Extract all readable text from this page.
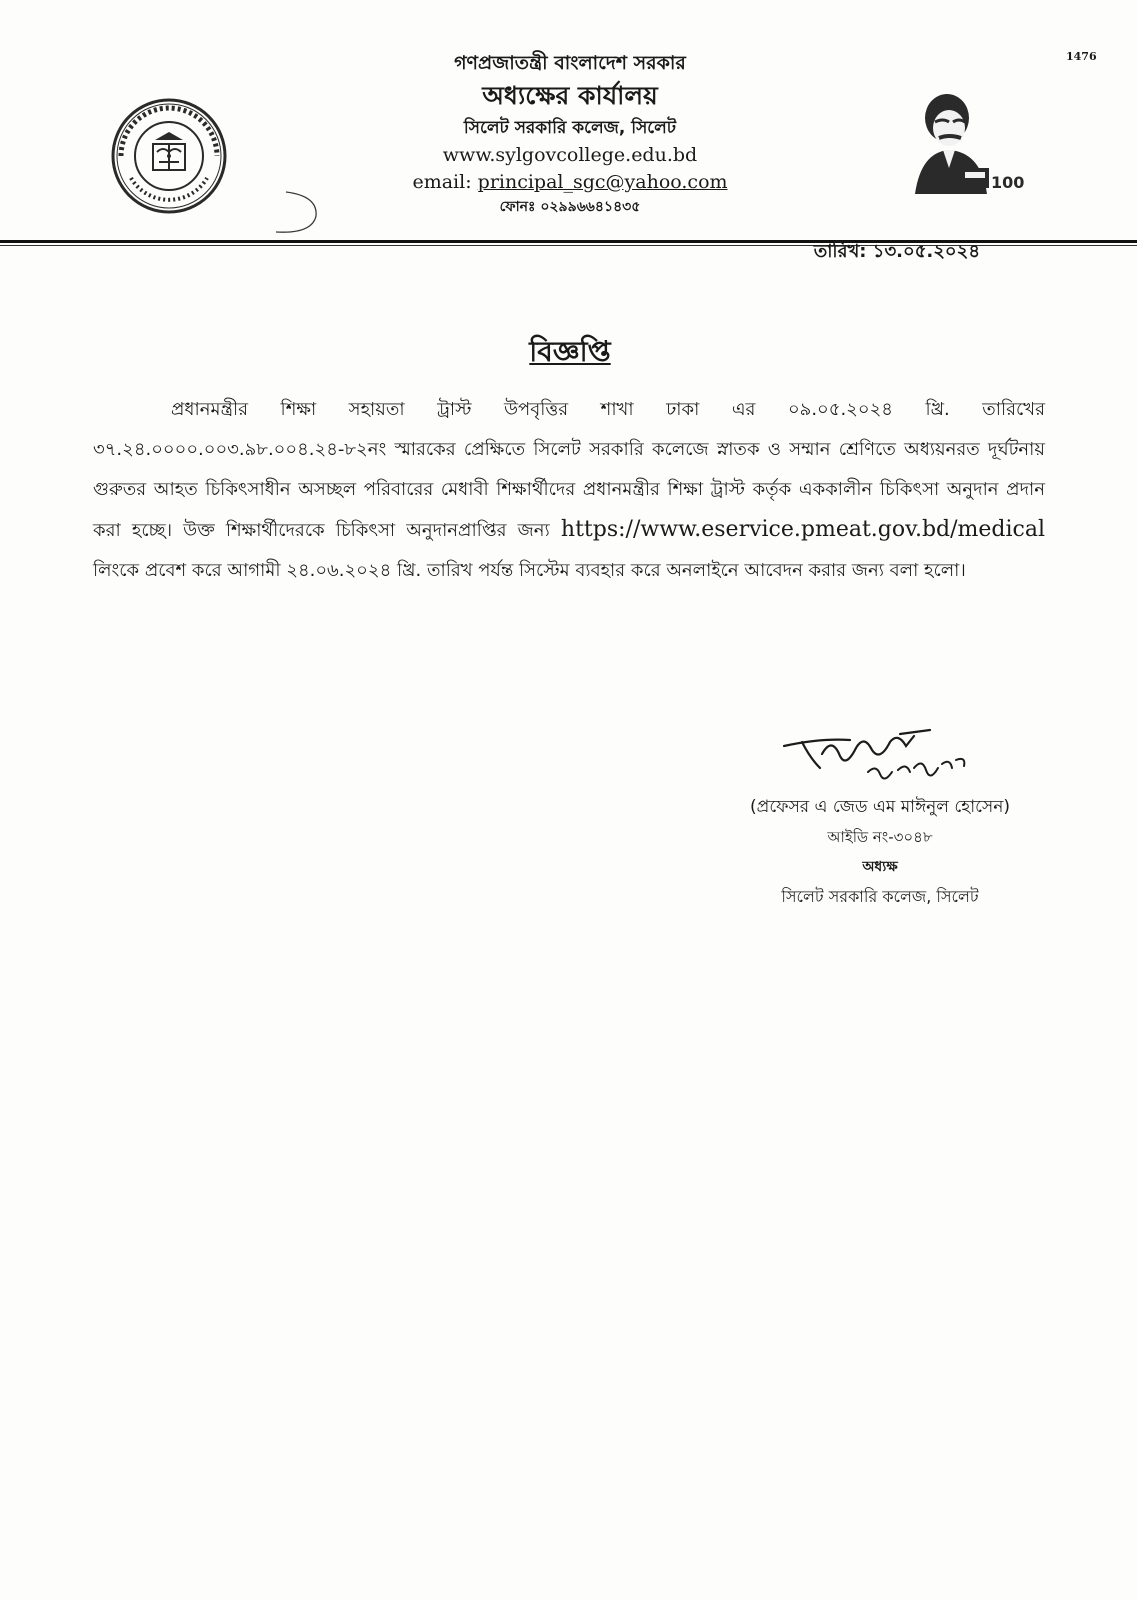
1476
গণপ্রজাতন্ত্রী বাংলাদেশ সরকার
অধ্যক্ষের কার্যালয়
সিলেট সরকারি কলেজ, সিলেট
www.sylgovcollege.edu.bd
email: principal_sgc@yahoo.com
ফোনঃ ০২৯৯৬৬৪১৪৩৫
100
তারিখ: ১৩.০৫.২০২৪
বিজ্ঞপ্তি
প্রধানমন্ত্রীর শিক্ষা সহায়তা ট্রাস্ট উপবৃত্তির শাখা ঢাকা এর ০৯.০৫.২০২৪ খ্রি. তারিখের ৩৭.২৪.০০০০.০০৩.৯৮.০০৪.২৪-৮২নং স্মারকের প্রেক্ষিতে সিলেট সরকারি কলেজে স্নাতক ও সম্মান শ্রেণিতে অধ্যয়নরত দূর্ঘটনায় গুরুতর আহত চিকিৎসাধীন অসচ্ছল পরিবারের মেধাবী শিক্ষার্থীদের প্রধানমন্ত্রীর শিক্ষা ট্রাস্ট কর্তৃক এককালীন চিকিৎসা অনুদান প্রদান করা হচ্ছে। উক্ত শিক্ষার্থীদেরকে চিকিৎসা অনুদানপ্রাপ্তির জন্য https://www.eservice.pmeat.gov.bd/medical লিংকে প্রবেশ করে আগামী ২৪.০৬.২০২৪ খ্রি. তারিখ পর্যন্ত সিস্টেম ব্যবহার করে অনলাইনে আবেদন করার জন্য বলা হলো।
(প্রফেসর এ জেড এম মাঈনুল হোসেন)
আইডি নং-৩০৪৮
অধ্যক্ষ
সিলেট সরকারি কলেজ, সিলেট
